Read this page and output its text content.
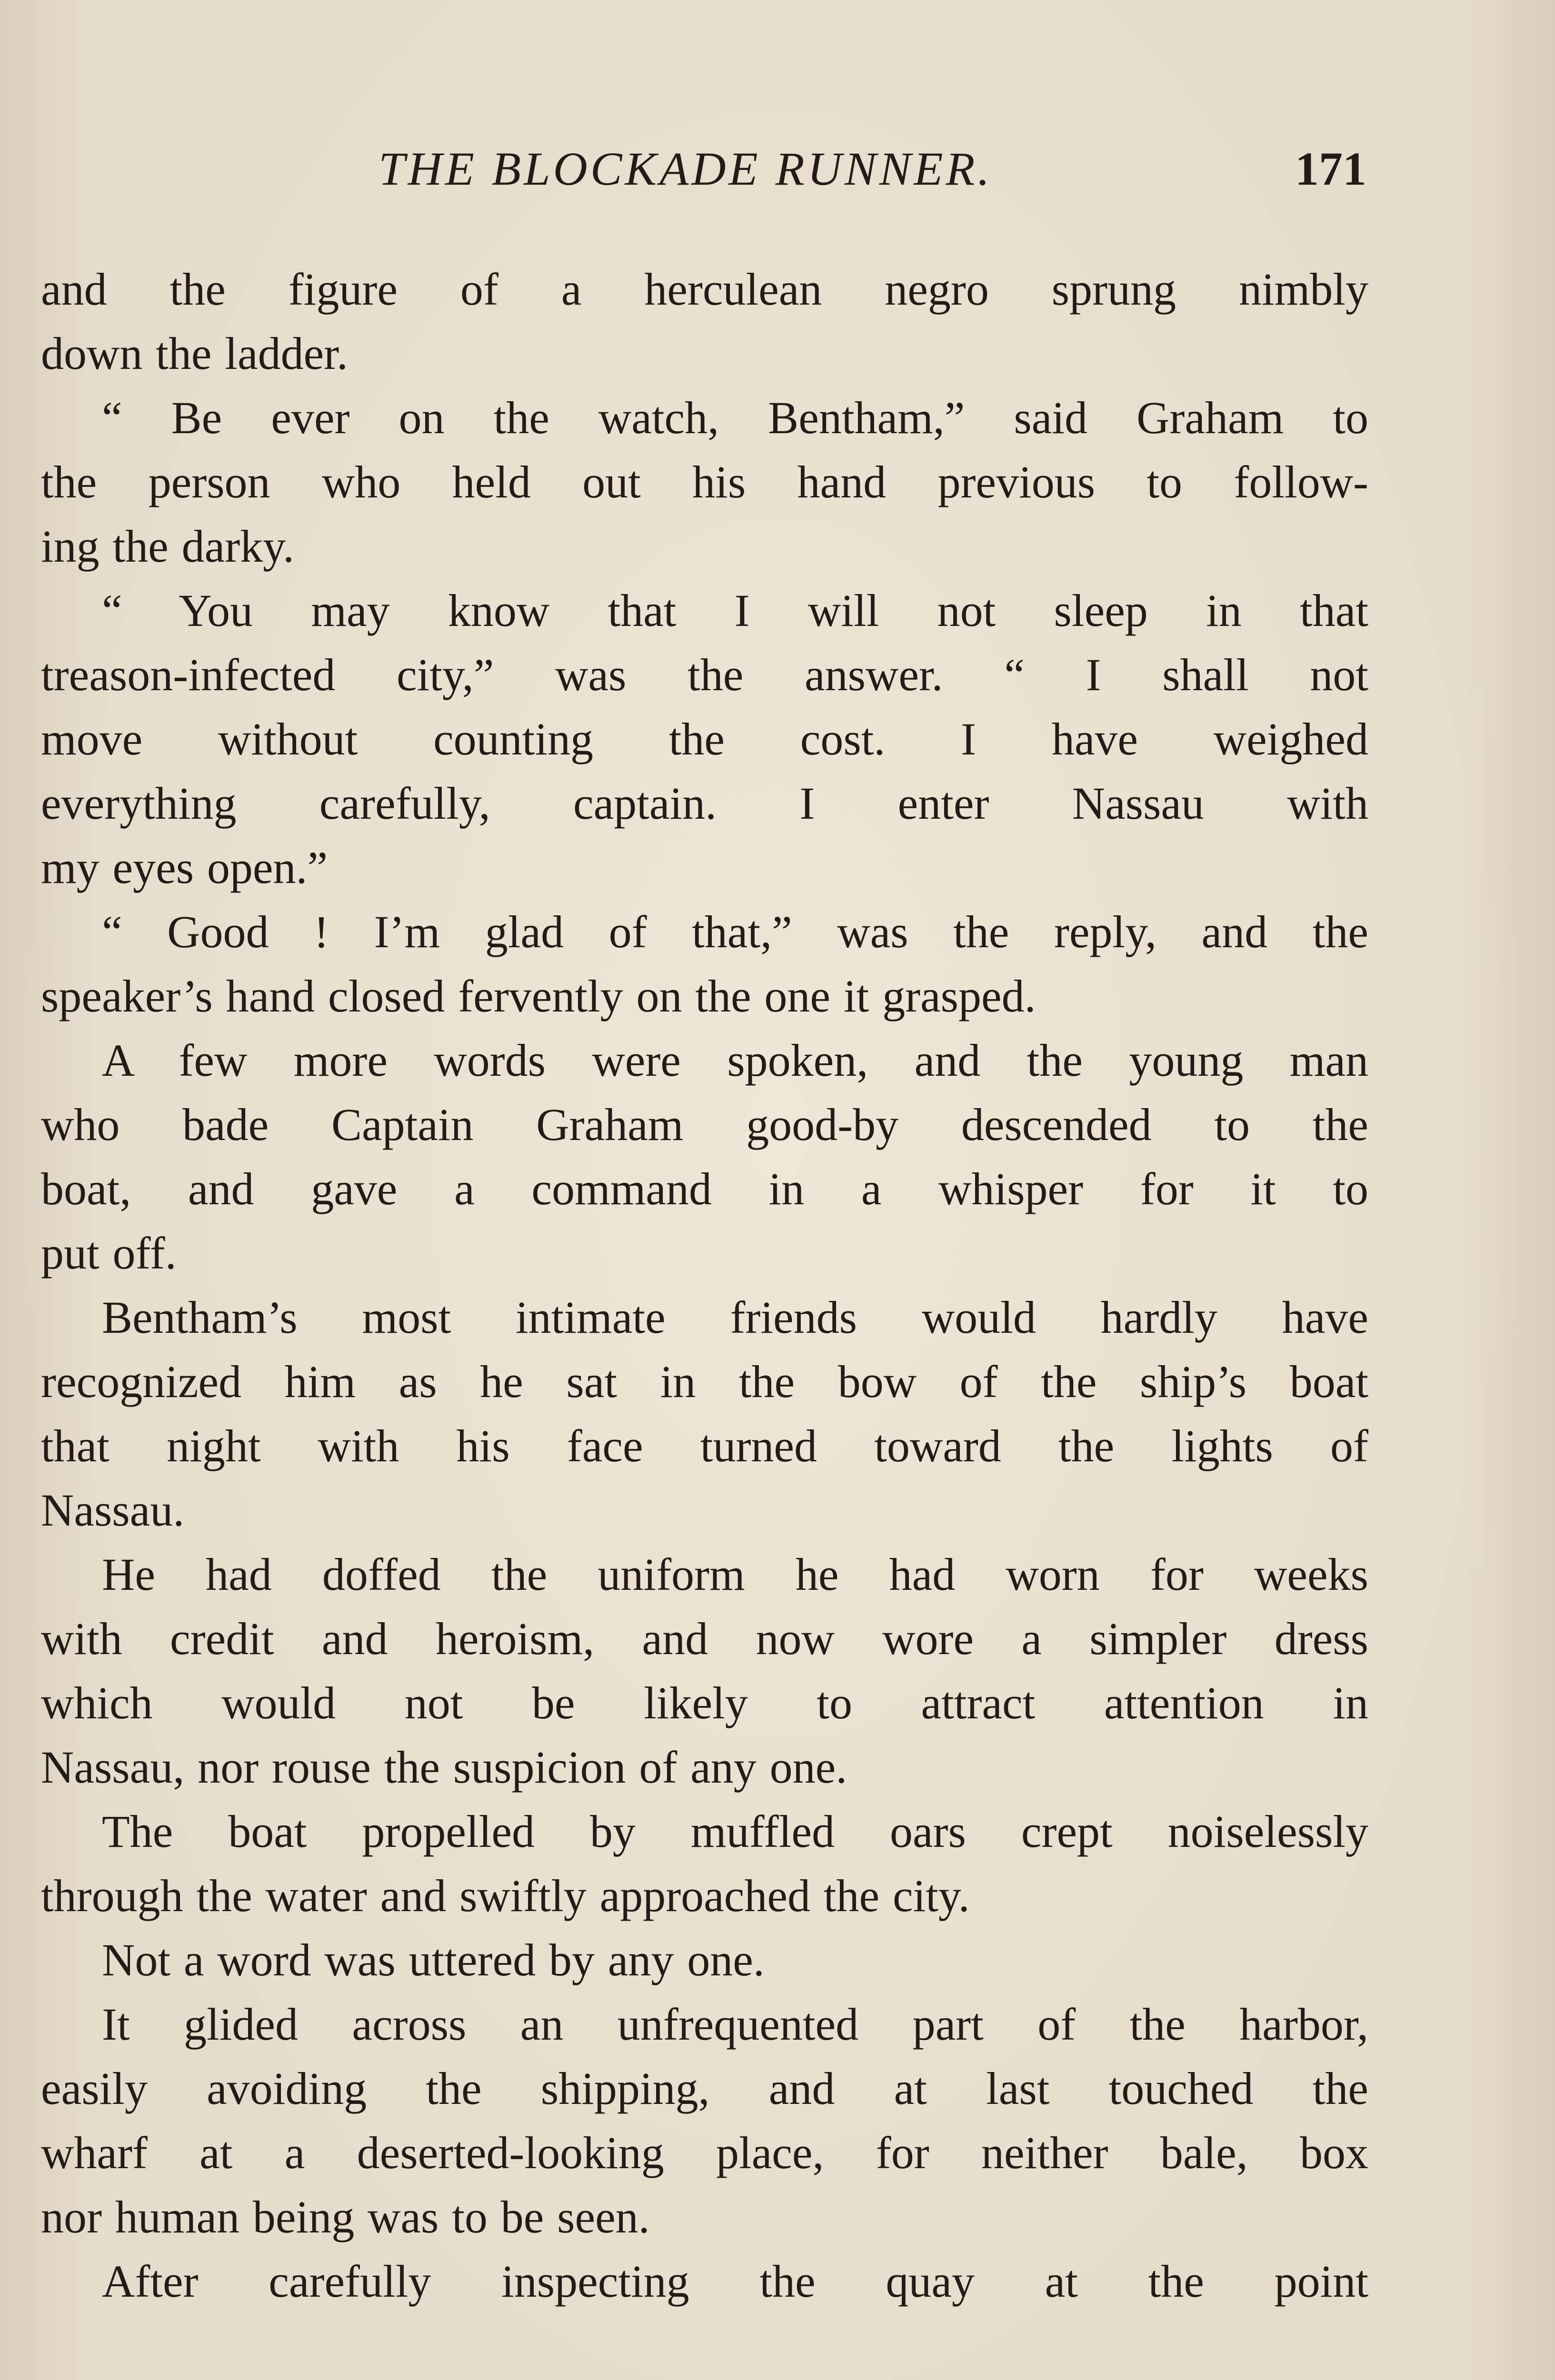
THE BLOCKADE RUNNER.	171
and the figure of a herculean negro sprung nimbly
down the ladder.
“ Be ever on the watch, Bentham,” said Graham to
the person who held out his hand previous to follow-
ing the darky.
“ You may know that I will not sleep in that
treason-infected city,” was the answer. “ I shall not
move without counting the cost. I have weighed
everything carefully, captain. I enter Nassau with
my eyes open.”
“ Good ! I’m glad of that,” was the reply, and the
speaker’s hand closed fervently on the one it grasped.
A few more words were spoken, and the young man
who bade Captain Graham good-by descended to the
boat, and gave a command in a whisper for it to
put off.
Bentham’s most intimate friends would hardly have
recognized him as he sat in the bow of the ship’s boat
that night with his face turned toward the lights of
Nassau.
He had doffed the uniform he had worn for weeks
with credit and heroism, and now wore a simpler dress
which would not be likely to attract attention in
Nassau, nor rouse the suspicion of any one.
The boat propelled by muffled oars crept noiselessly
through the water and swiftly approached the city.
Not a word was uttered by any one.
It glided across an unfrequented part of the harbor,
easily avoiding the shipping, and at last touched the
wharf at a deserted-looking place, for neither bale, box
nor human being was to be seen.
After carefully inspecting the quay at the point
